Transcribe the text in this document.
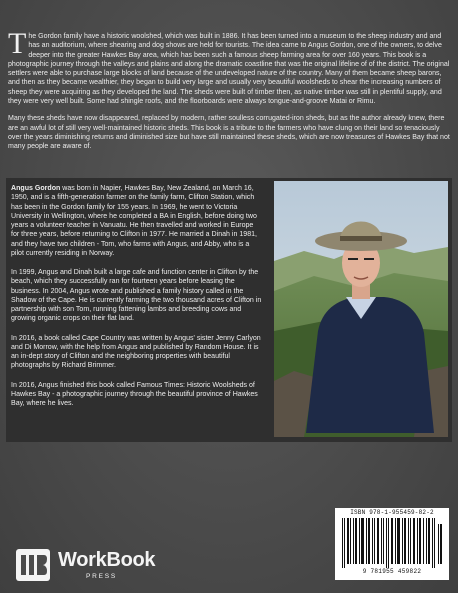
The Gordon family have a historic woolshed, which was built in 1886. It has been turned into a museum to the sheep industry and and has an auditorium, where shearing and dog shows are held for tourists. The idea came to Angus Gordon, one of the owners, to delve deeper into the greater Hawkes Bay area, which has been such a famous sheep farming area for over 160 years. This book is a photographic journey through the valleys and plains and along the dramatic coastline that was the original lifeline of of the district. The original settlers were able to purchase large blocks of land because of the undeveloped nature of the country. Many of them became sheep barons, and then as they became wealthier, they began to build very large and usually very beautiful woolsheds to shear the increasing numbers of sheep they were acquiring as they developed the land. The sheds were built of timber then, as native timber was still in plentiful supply, and they were very well built. Some had shingle roofs, and the floorboards were always tongue-and-groove Matai or Rimu.

Many these sheds have now disappeared, replaced by modern, rather soulless corrugated-iron sheds, but as the author already knew, there are an awful lot of still very well-maintained historic sheds. This book is a tribute to the farmers who have clung on their land so tenaciously over the years diminishing returns and diminished size but have still maintained these sheds, which are now treasures of Hawkes Bay that not many people are aware of.

Angus Gordon was born in Napier, Hawkes Bay, New Zealand, on March 16, 1950, and is a fifth-generation farmer on the family farm, Clifton Station, which has been in the Gordon family for 155 years. In 1969, he went to Victoria University in Wellington, where he completed a BA in English, before doing two years a volunteer teacher in Vanuatu. He then travelled and worked in Europe for three years, before returning to Clifton in 1977. He married a Dinah in 1981, and they have two children - Tom, who farms with Angus, and Abby, who is a pilot currently residing in Norway.

In 1999, Angus and Dinah built a large cafe and function center in Clifton by the beach, which they successfully ran for fourteen years before leasing the business. In 2004, Angus wrote and published a family history called in the Shadow of the Cape. He is currently farming the two thousand acres of Clifton in partnership with son Tom, running fattening lambs and breeding cows and growing organic crops on their flat land.

In 2016, a book called Cape Country was written by Angus' sister Jenny Carlyon and Di Morrow, with the help from Angus and published by Random House. It is an in-dept story of Clifton and the neighboring properties with beautiful photographs by Richard Brimmer.

In 2016, Angus finished this book called Famous Times: Historic Woolsheds of Hawkes Bay - a photographic journey through the beautiful province of Hawkes Bay, where he lives.

ISBN 978-1-955459-82-2
9 781955 459822
WorkBook
PRESS
